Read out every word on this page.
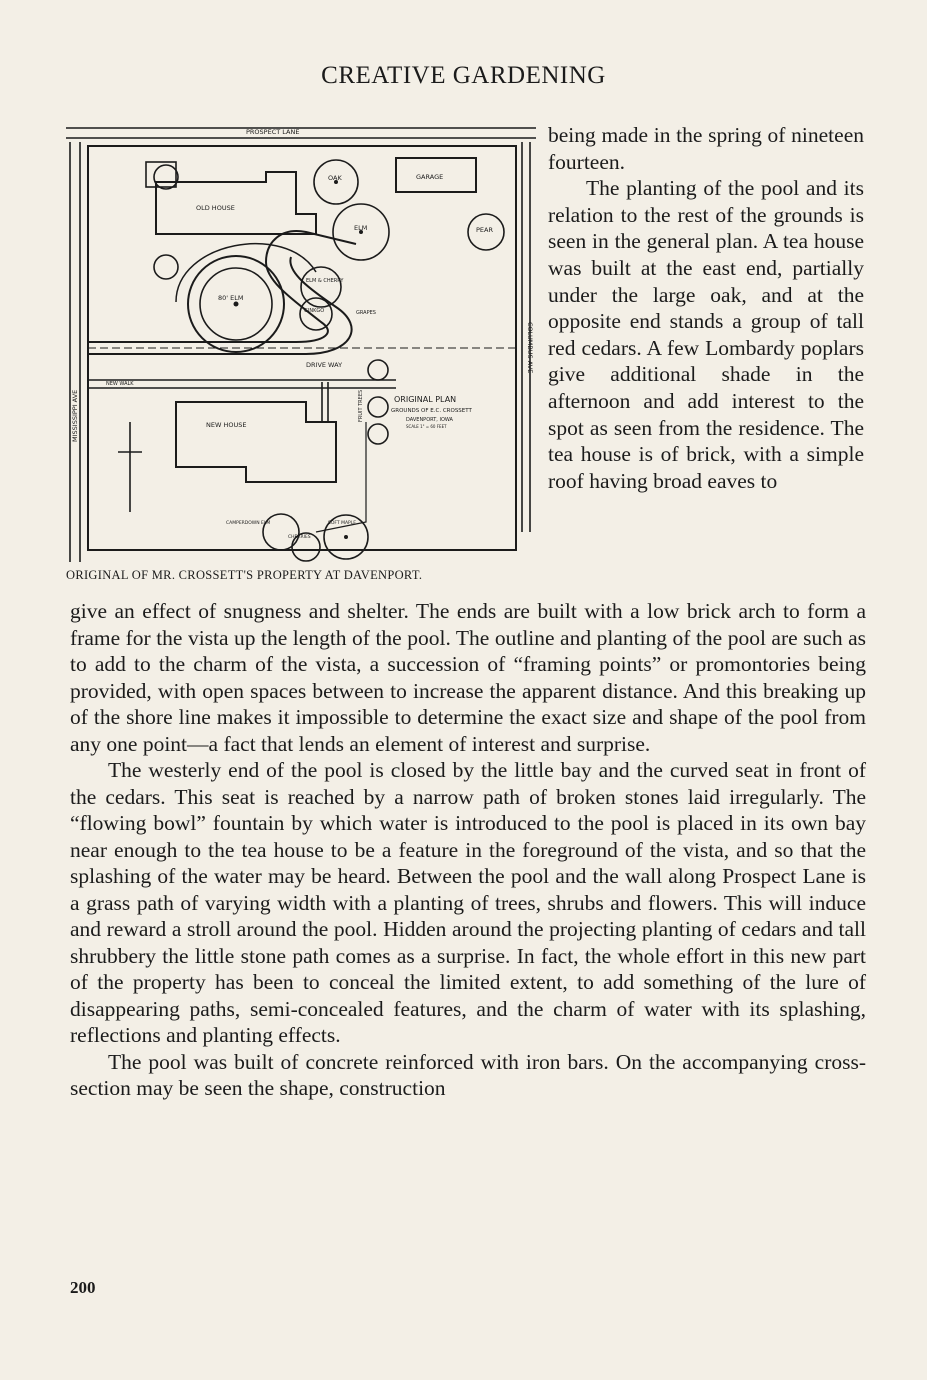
CREATIVE GARDENING
PROSPECT LANE
GARAGE
OLD HOUSE
OAK
ELM	PEAR
80' ELM
ELM & CHERRY
GINKGO	GRAPES
DRIVE WAY
NEW WALK
NEW HOUSE
ORIGINAL PLAN
GROUNDS OF E.C. CROSSETT
DAVENPORT, IOWA
SCALE 1" = 60 FEET
CAMPERDOWN ELM	SOFT MAPLE
CHERRIES
MISSISSIPPI AVE
COLUMBUS AVE
FRUIT TREES
ORIGINAL OF MR. CROSSETT'S PROPERTY AT DAVENPORT.

being made in the spring of nineteen fourteen.

The planting of the pool and its relation to the rest of the grounds is seen in the general plan. A tea house was built at the east end, partially under the large oak, and at the opposite end stands a group of tall red cedars. A few Lombardy poplars give additional shade in the afternoon and add interest to the spot as seen from the residence. The tea house is of brick, with a simple roof having broad eaves to

give an effect of snugness and shelter. The ends are built with a low brick arch to form a frame for the vista up the length of the pool. The outline and planting of the pool are such as to add to the charm of the vista, a succession of “framing points” or promontories being provided, with open spaces between to increase the apparent distance. And this breaking up of the shore line makes it impossible to determine the exact size and shape of the pool from any one point—a fact that lends an element of interest and surprise.

The westerly end of the pool is closed by the little bay and the curved seat in front of the cedars. This seat is reached by a narrow path of broken stones laid irregularly. The “flowing bowl” fountain by which water is introduced to the pool is placed in its own bay near enough to the tea house to be a feature in the foreground of the vista, and so that the splashing of the water may be heard. Between the pool and the wall along Prospect Lane is a grass path of varying width with a planting of trees, shrubs and flowers. This will induce and reward a stroll around the pool. Hidden around the projecting planting of cedars and tall shrubbery the little stone path comes as a surprise. In fact, the whole effort in this new part of the property has been to conceal the limited extent, to add something of the lure of disappearing paths, semi-concealed features, and the charm of water with its splashing, reflections and planting effects.

The pool was built of concrete reinforced with iron bars. On the accompanying cross-section may be seen the shape, construction

200
